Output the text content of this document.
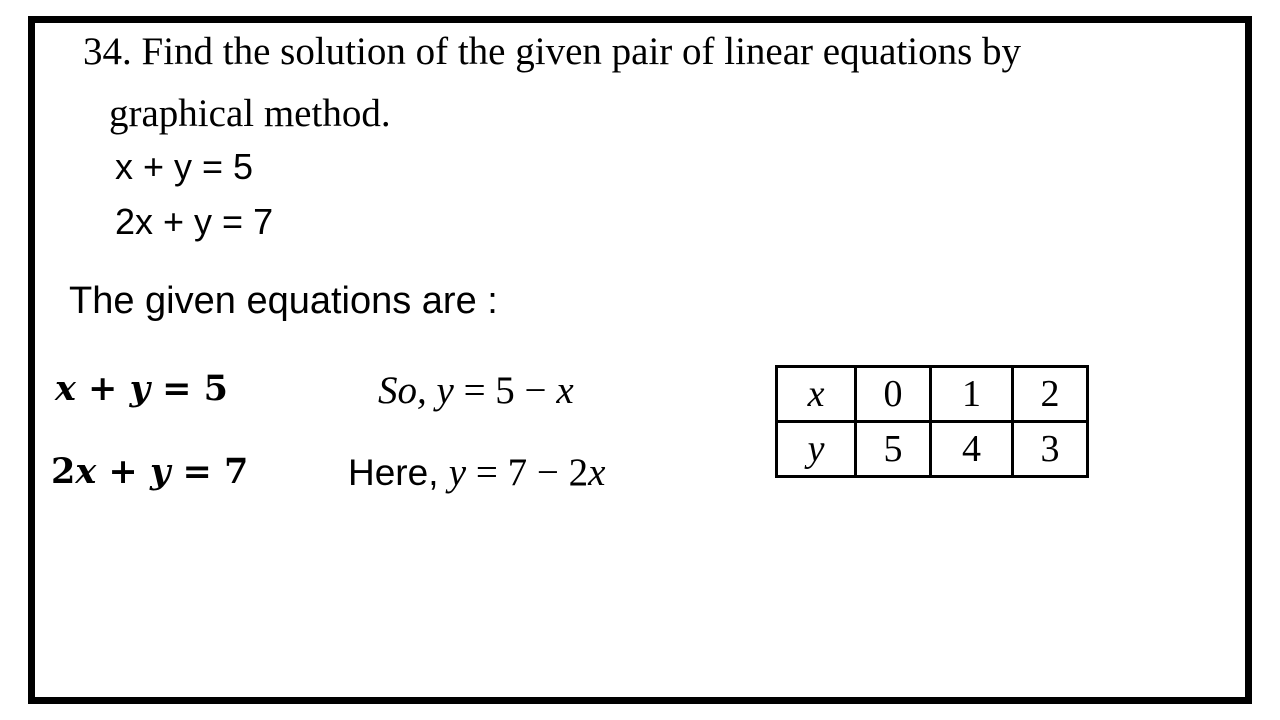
34. Find the solution of the given pair of linear equations by
graphical method.
x + y = 5
2x + y = 7
The given equations are :
x + y = 5
2x + y = 7
So, y = 5 − x
Here, y = 7 − 2x
x	0	1	2
y	5	4	3
